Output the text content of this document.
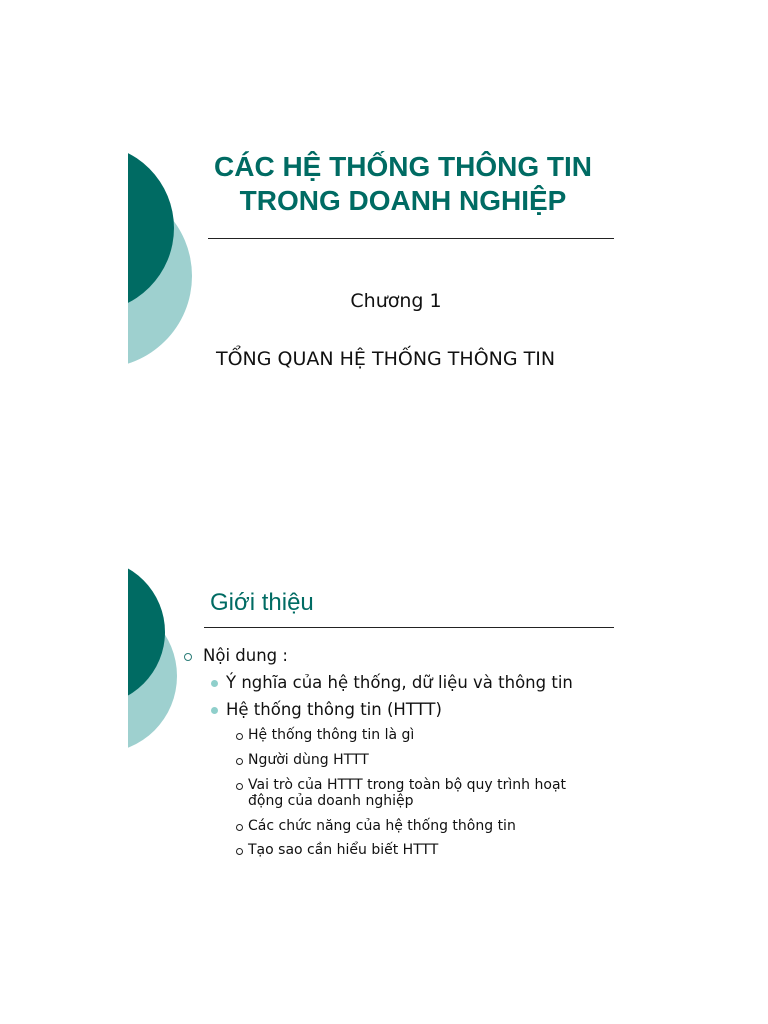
CÁC HỆ THỐNG THÔNG TIN
TRONG DOANH NGHIỆP
Chương 1
TỔNG QUAN HỆ THỐNG THÔNG TIN
Giới thiệu
Nội dung :
Ý nghĩa của hệ thống, dữ liệu và thông tin
Hệ thống thông tin (HTTT)
Hệ thống thông tin là gì
Người dùng HTTT
Vai trò của HTTT trong toàn bộ quy trình hoạt
động của doanh nghiệp
Các chức năng của hệ thống thông tin
Tạo sao cần hiểu biết HTTT
